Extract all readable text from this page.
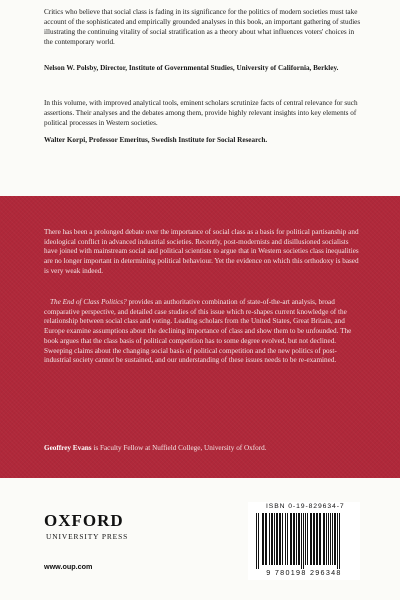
Critics who believe that social class is fading in its significance for the politics of modern societies must take account of the sophisticated and empirically grounded analyses in this book, an important gathering of studies illustrating the continuing vitality of social stratification as a theory about what influences voters' choices in the contemporary world.

Nelson W. Polsby, Director, Institute of Governmental Studies, University of California, Berkley.

In this volume, with improved analytical tools, eminent scholars scrutinize facts of central relevance for such assertions. Their analyses and the debates among them, provide highly relevant insights into key elements of political processes in Western societies.

Walter Korpi, Professor Emeritus, Swedish Institute for Social Research.

There has been a prolonged debate over the importance of social class as a basis for political partisanship and ideological conflict in advanced industrial societies. Recently, post-modernists and disillusioned socialists have joined with mainstream social and political scientists to argue that in Western societies class inequalities are no longer important in determining political behaviour. Yet the evidence on which this orthodoxy is based is very weak indeed.

The End of Class Politics? provides an authoritative combination of state-of-the-art analysis, broad comparative perspective, and detailed case studies of this issue which re-shapes current knowledge of the relationship between social class and voting. Leading scholars from the United States, Great Britain, and Europe examine assumptions about the declining importance of class and show them to be unfounded. The book argues that the class basis of political competition has to some degree evolved, but not declined. Sweeping claims about the changing social basis of political competition and the new politics of post-industrial society cannot be sustained, and our understanding of these issues needs to be re-examined.

Geoffrey Evans is Faculty Fellow at Nuffield College, University of Oxford.

OXFORD

UNIVERSITY PRESS

www.oup.com

ISBN 0-19-829634-7

9 780198 296348
